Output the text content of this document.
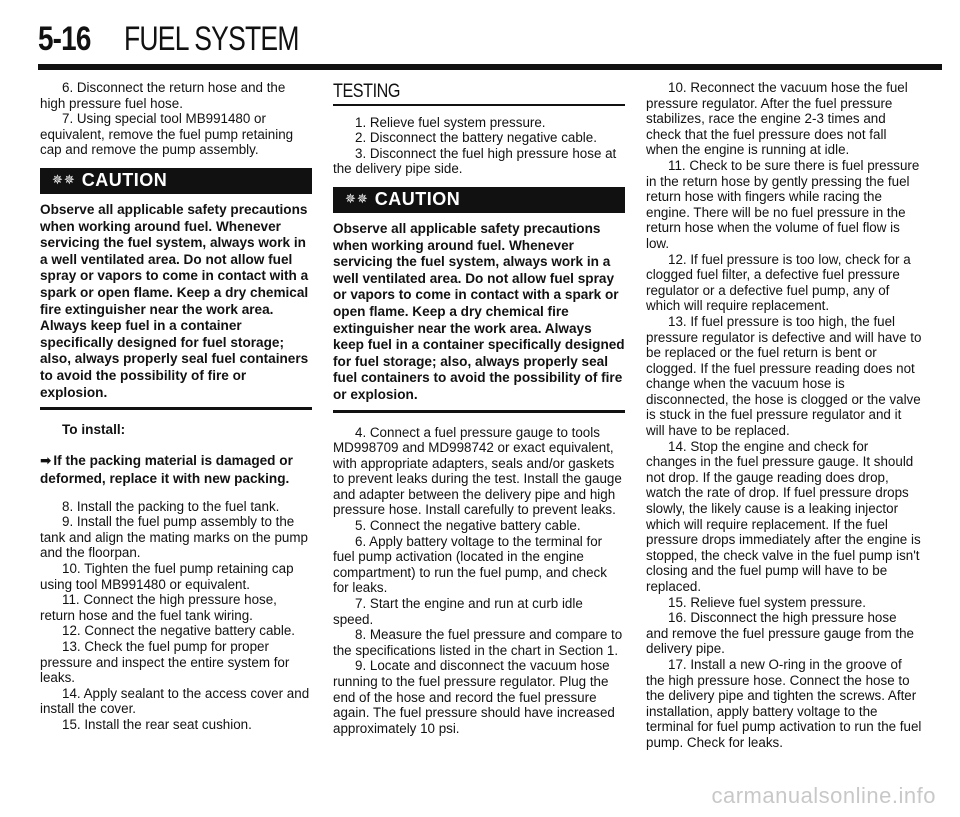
5-16 FUEL SYSTEM

6. Disconnect the return hose and the high pressure fuel hose.

7. Using special tool MB991480 or equivalent, remove the fuel pump retaining cap and remove the pump assembly.

✵✵ CAUTION

Observe all applicable safety precautions when working around fuel. Whenever servicing the fuel system, always work in a well ventilated area. Do not allow fuel spray or vapors to come in contact with a spark or open flame. Keep a dry chemical fire extinguisher near the work area. Always keep fuel in a container specifically designed for fuel storage; also, always properly seal fuel containers to avoid the possibility of fire or explosion.

To install:

➡ If the packing material is damaged or deformed, replace it with new packing.

8. Install the packing to the fuel tank.

9. Install the fuel pump assembly to the tank and align the mating marks on the pump and the floorpan.

10. Tighten the fuel pump retaining cap using tool MB991480 or equivalent.

11. Connect the high pressure hose, return hose and the fuel tank wiring.

12. Connect the negative battery cable.

13. Check the fuel pump for proper pressure and inspect the entire system for leaks.

14. Apply sealant to the access cover and install the cover.

15. Install the rear seat cushion.

TESTING

1. Relieve fuel system pressure.

2. Disconnect the battery negative cable.

3. Disconnect the fuel high pressure hose at the delivery pipe side.

✵✵ CAUTION

Observe all applicable safety precautions when working around fuel. Whenever servicing the fuel system, always work in a well ventilated area. Do not allow fuel spray or vapors to come in contact with a spark or open flame. Keep a dry chemical fire extinguisher near the work area. Always keep fuel in a container specifically designed for fuel storage; also, always properly seal fuel containers to avoid the possibility of fire or explosion.

4. Connect a fuel pressure gauge to tools MD998709 and MD998742 or exact equivalent, with appropriate adapters, seals and/or gaskets to prevent leaks during the test. Install the gauge and adapter between the delivery pipe and high pressure hose. Install carefully to prevent leaks.

5. Connect the negative battery cable.

6. Apply battery voltage to the terminal for fuel pump activation (located in the engine compartment) to run the fuel pump, and check for leaks.

7. Start the engine and run at curb idle speed.

8. Measure the fuel pressure and compare to the specifications listed in the chart in Section 1.

9. Locate and disconnect the vacuum hose running to the fuel pressure regulator. Plug the end of the hose and record the fuel pressure again. The fuel pressure should have increased approximately 10 psi.

10. Reconnect the vacuum hose the fuel pressure regulator. After the fuel pressure stabilizes, race the engine 2-3 times and check that the fuel pressure does not fall when the engine is running at idle.

11. Check to be sure there is fuel pressure in the return hose by gently pressing the fuel return hose with fingers while racing the engine. There will be no fuel pressure in the return hose when the volume of fuel flow is low.

12. If fuel pressure is too low, check for a clogged fuel filter, a defective fuel pressure regulator or a defective fuel pump, any of which will require replacement.

13. If fuel pressure is too high, the fuel pressure regulator is defective and will have to be replaced or the fuel return is bent or clogged. If the fuel pressure reading does not change when the vacuum hose is disconnected, the hose is clogged or the valve is stuck in the fuel pressure regulator and it will have to be replaced.

14. Stop the engine and check for changes in the fuel pressure gauge. It should not drop. If the gauge reading does drop, watch the rate of drop. If fuel pressure drops slowly, the likely cause is a leaking injector which will require replacement. If the fuel pressure drops immediately after the engine is stopped, the check valve in the fuel pump isn't closing and the fuel pump will have to be replaced.

15. Relieve fuel system pressure.

16. Disconnect the high pressure hose and remove the fuel pressure gauge from the delivery pipe.

17. Install a new O-ring in the groove of the high pressure hose. Connect the hose to the delivery pipe and tighten the screws. After installation, apply battery voltage to the terminal for fuel pump activation to run the fuel pump. Check for leaks.

carmanualsonline.info
